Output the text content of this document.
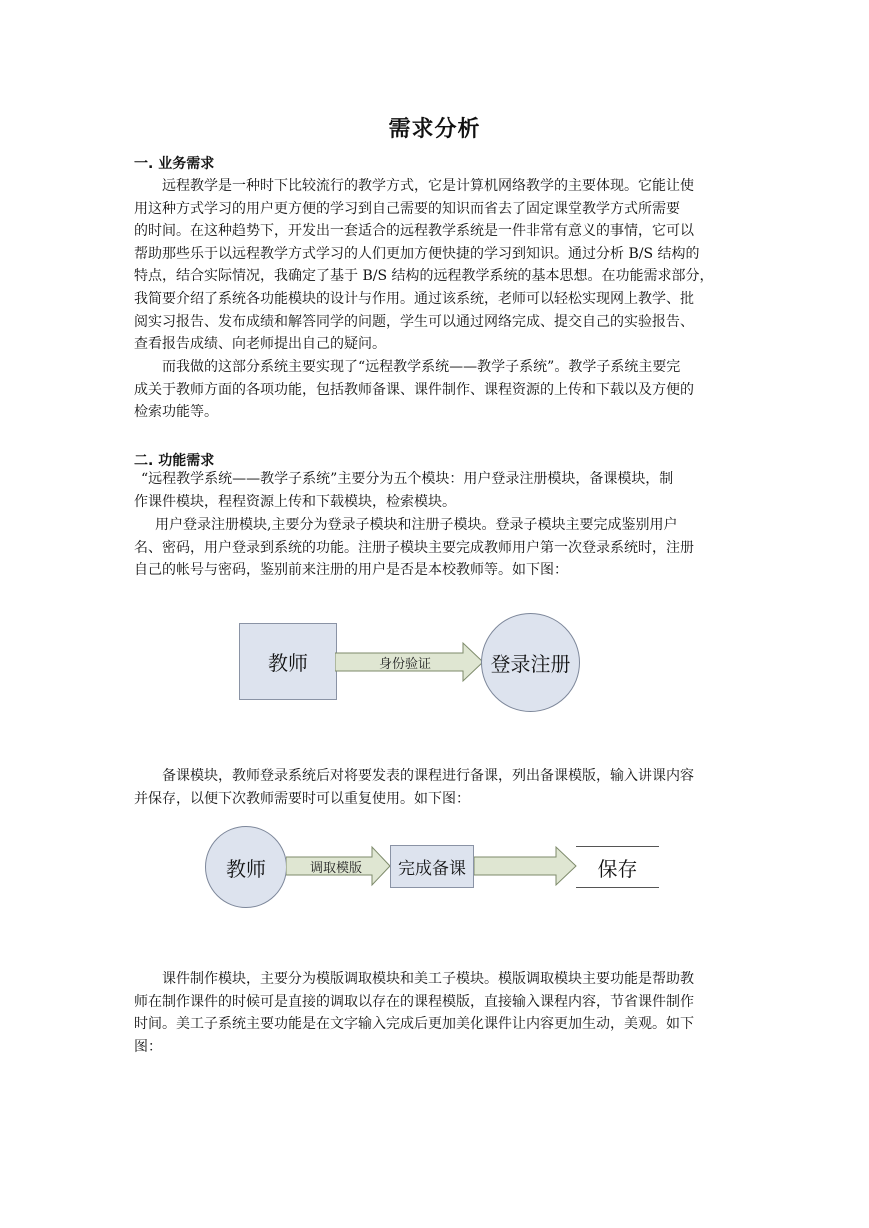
需求分析
一. 业务需求
远程教学是一种时下比较流行的教学方式，它是计算机网络教学的主要体现。它能让使
用这种方式学习的用户更方便的学习到自己需要的知识而省去了固定课堂教学方式所需要
的时间。在这种趋势下，开发出一套适合的远程教学系统是一件非常有意义的事情，它可以
帮助那些乐于以远程教学方式学习的人们更加方便快捷的学习到知识。通过分析 B/S 结构的
特点，结合实际情况，我确定了基于 B/S 结构的远程教学系统的基本思想。在功能需求部分，
我简要介绍了系统各功能模块的设计与作用。通过该系统，老师可以轻松实现网上教学、批
阅实习报告、发布成绩和解答同学的问题，学生可以通过网络完成、提交自己的实验报告、
查看报告成绩、向老师提出自己的疑问。
而我做的这部分系统主要实现了“远程教学系统——教学子系统”。教学子系统主要完
成关于教师方面的各项功能，包括教师备课、课件制作、课程资源的上传和下载以及方便的
检索功能等。
二. 功能需求
“远程教学系统——教学子系统”主要分为五个模块：用户登录注册模块，备课模块，制
作课件模块，程程资源上传和下载模块，检索模块。
用户登录注册模块,主要分为登录子模块和注册子模块。登录子模块主要完成鉴别用户
名、密码，用户登录到系统的功能。注册子模块主要完成教师用户第一次登录系统时，注册
自己的帐号与密码，鉴别前来注册的用户是否是本校教师等。如下图：
教师	身份验证	登录注册
备课模块，教师登录系统后对将要发表的课程进行备课，列出备课模版，输入讲课内容
并保存，以便下次教师需要时可以重复使用。如下图：
教师	调取模版	完成备课	保存
课件制作模块，主要分为模版调取模块和美工子模块。模版调取模块主要功能是帮助教
师在制作课件的时候可是直接的调取以存在的课程模版，直接输入课程内容，节省课件制作
时间。美工子系统主要功能是在文字输入完成后更加美化课件让内容更加生动，美观。如下
图：
